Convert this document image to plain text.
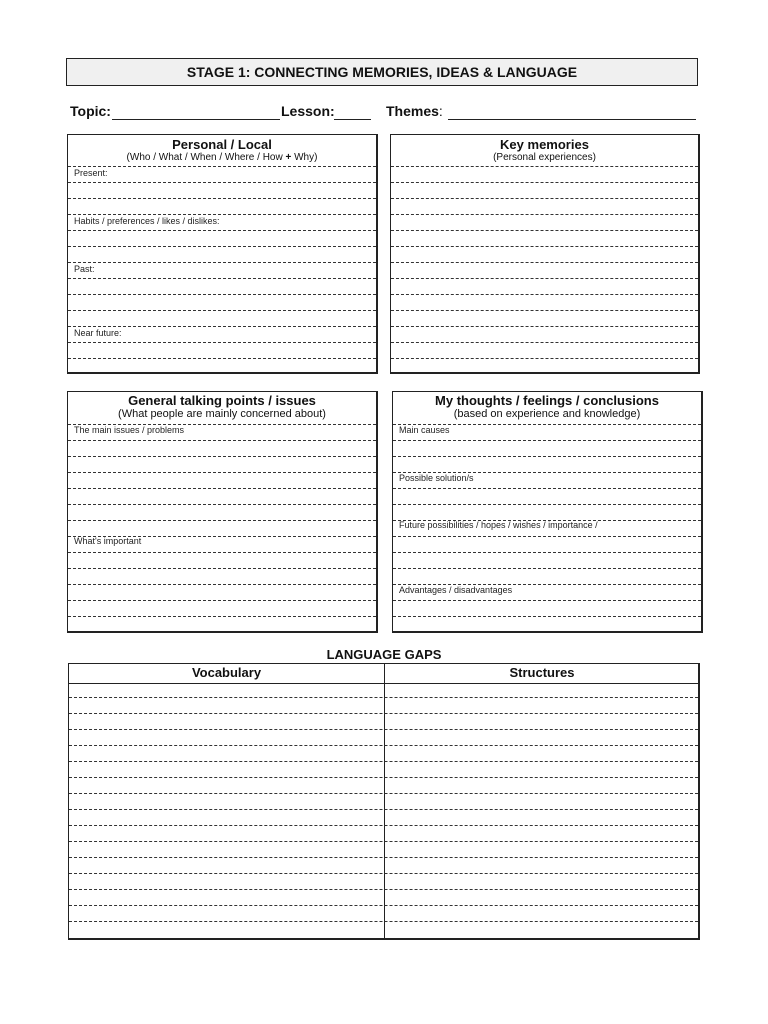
STAGE 1: CONNECTING MEMORIES, IDEAS & LANGUAGE
Topic:	Lesson:	Themes:
Personal / Local
(Who / What / When / Where / How + Why)
Present:
Habits / preferences / likes / dislikes:
Past:
Near future:
Key memories
(Personal experiences)
General talking points / issues
(What people are mainly concerned about)
The main issues / problems
What's important
My thoughts / feelings / conclusions
(based on experience and knowledge)
Main causes
Possible solution/s
Future possibilities / hopes / wishes / importance /
Advantages / disadvantages
LANGUAGE GAPS
Vocabulary	Structures
